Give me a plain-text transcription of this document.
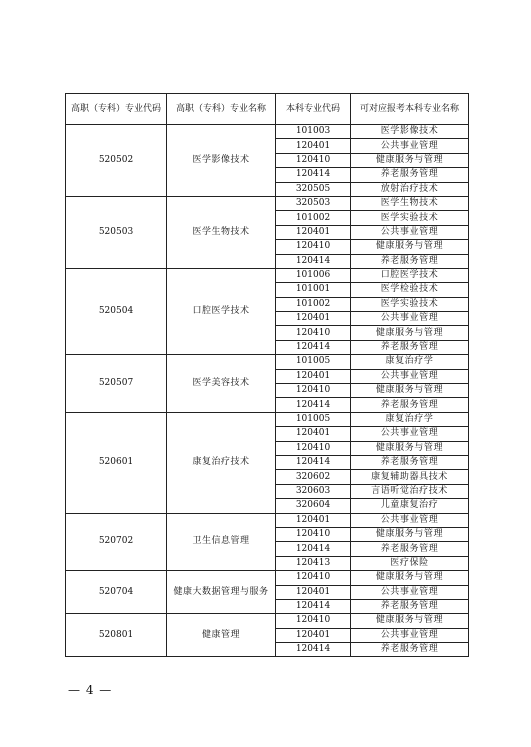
高职（专科）专业代码	高职（专科）专业名称	本科专业代码	可对应报考本科专业名称
520502	医学影像技术	101003	医学影像技术
		120401	公共事业管理
		120410	健康服务与管理
		120414	养老服务管理
		320505	放射治疗技术
520503	医学生物技术	320503	医学生物技术
		101002	医学实验技术
		120401	公共事业管理
		120410	健康服务与管理
		120414	养老服务管理
520504	口腔医学技术	101006	口腔医学技术
		101001	医学检验技术
		101002	医学实验技术
		120401	公共事业管理
		120410	健康服务与管理
		120414	养老服务管理
520507	医学美容技术	101005	康复治疗学
		120401	公共事业管理
		120410	健康服务与管理
		120414	养老服务管理
520601	康复治疗技术	101005	康复治疗学
		120401	公共事业管理
		120410	健康服务与管理
		120414	养老服务管理
		320602	康复辅助器具技术
		320603	言语听觉治疗技术
		320604	儿童康复治疗
520702	卫生信息管理	120401	公共事业管理
		120410	健康服务与管理
		120414	养老服务管理
		120413	医疗保险
520704	健康大数据管理与服务	120410	健康服务与管理
		120401	公共事业管理
		120414	养老服务管理
520801	健康管理	120410	健康服务与管理
		120401	公共事业管理
		120414	养老服务管理
— 4 —
